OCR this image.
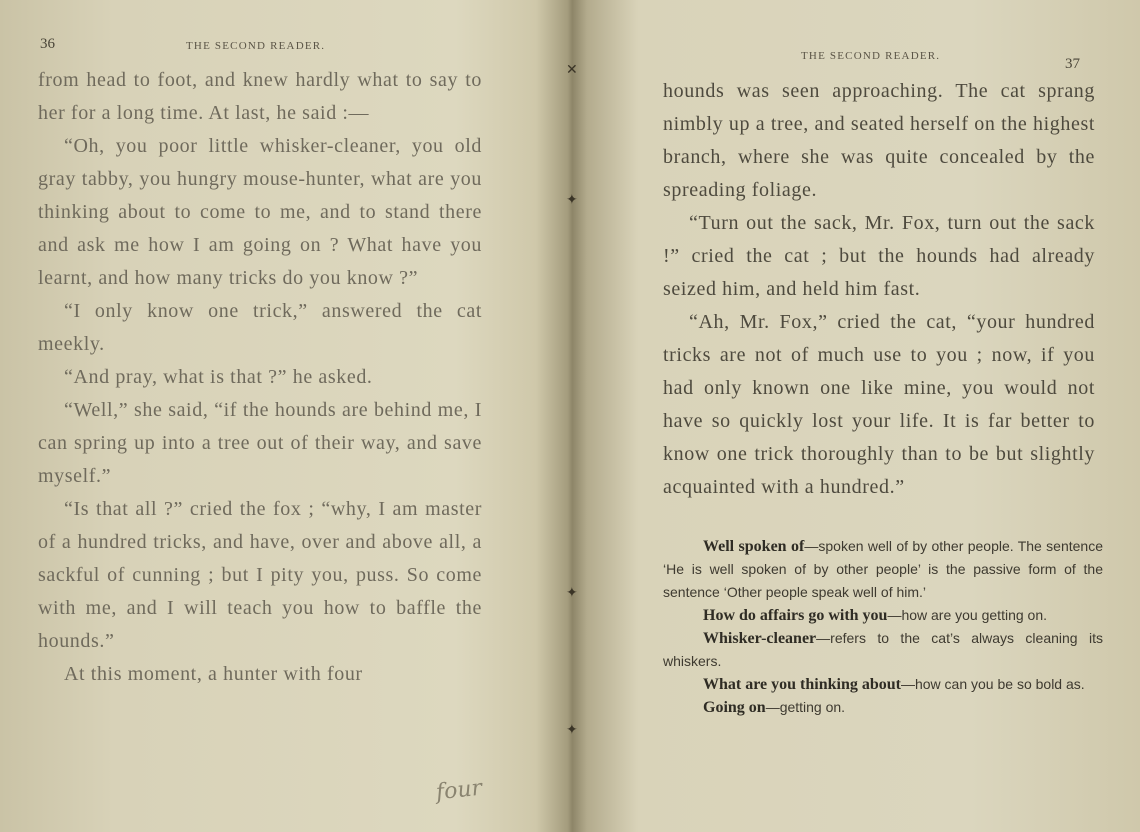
36	THE SECOND READER.

from head to foot, and knew hardly what to say to her for a long time. At last, he said :—

“Oh, you poor little whisker-cleaner, you old gray tabby, you hungry mouse-hunter, what are you thinking about to come to me, and to stand there and ask me how I am going on ? What have you learnt, and how many tricks do you know ?”

“I only know one trick,” answered the cat meekly.

“And pray, what is that ?” he asked.

“Well,” she said, “if the hounds are behind me, I can spring up into a tree out of their way, and save myself.”

“Is that all ?” cried the fox ; “why, I am master of a hundred tricks, and have, over and above all, a sackful of cunning ; but I pity you, puss. So come with me, and I will teach you how to baffle the hounds.”

At this moment, a hunter with four

four
✕
✦
✦
✦
THE SECOND READER.	37

hounds was seen approaching. The cat sprang nimbly up a tree, and seated herself on the highest branch, where she was quite concealed by the spreading foliage.

“Turn out the sack, Mr. Fox, turn out the sack !” cried the cat ; but the hounds had already seized him, and held him fast.

“Ah, Mr. Fox,” cried the cat, “your hundred tricks are not of much use to you ; now, if you had only known one like mine, you would not have so quickly lost your life. It is far better to know one trick thoroughly than to be but slightly acquainted with a hundred.”

Well spoken of—spoken well of by other people. The sentence ‘He is well spoken of by other people’ is the passive form of the sentence ‘Other people speak well of him.’

How do affairs go with you—how are you getting on.

Whisker-cleaner—refers to the cat’s always cleaning its whiskers.

What are you thinking about—how can you be so bold as.

Going on—getting on.
